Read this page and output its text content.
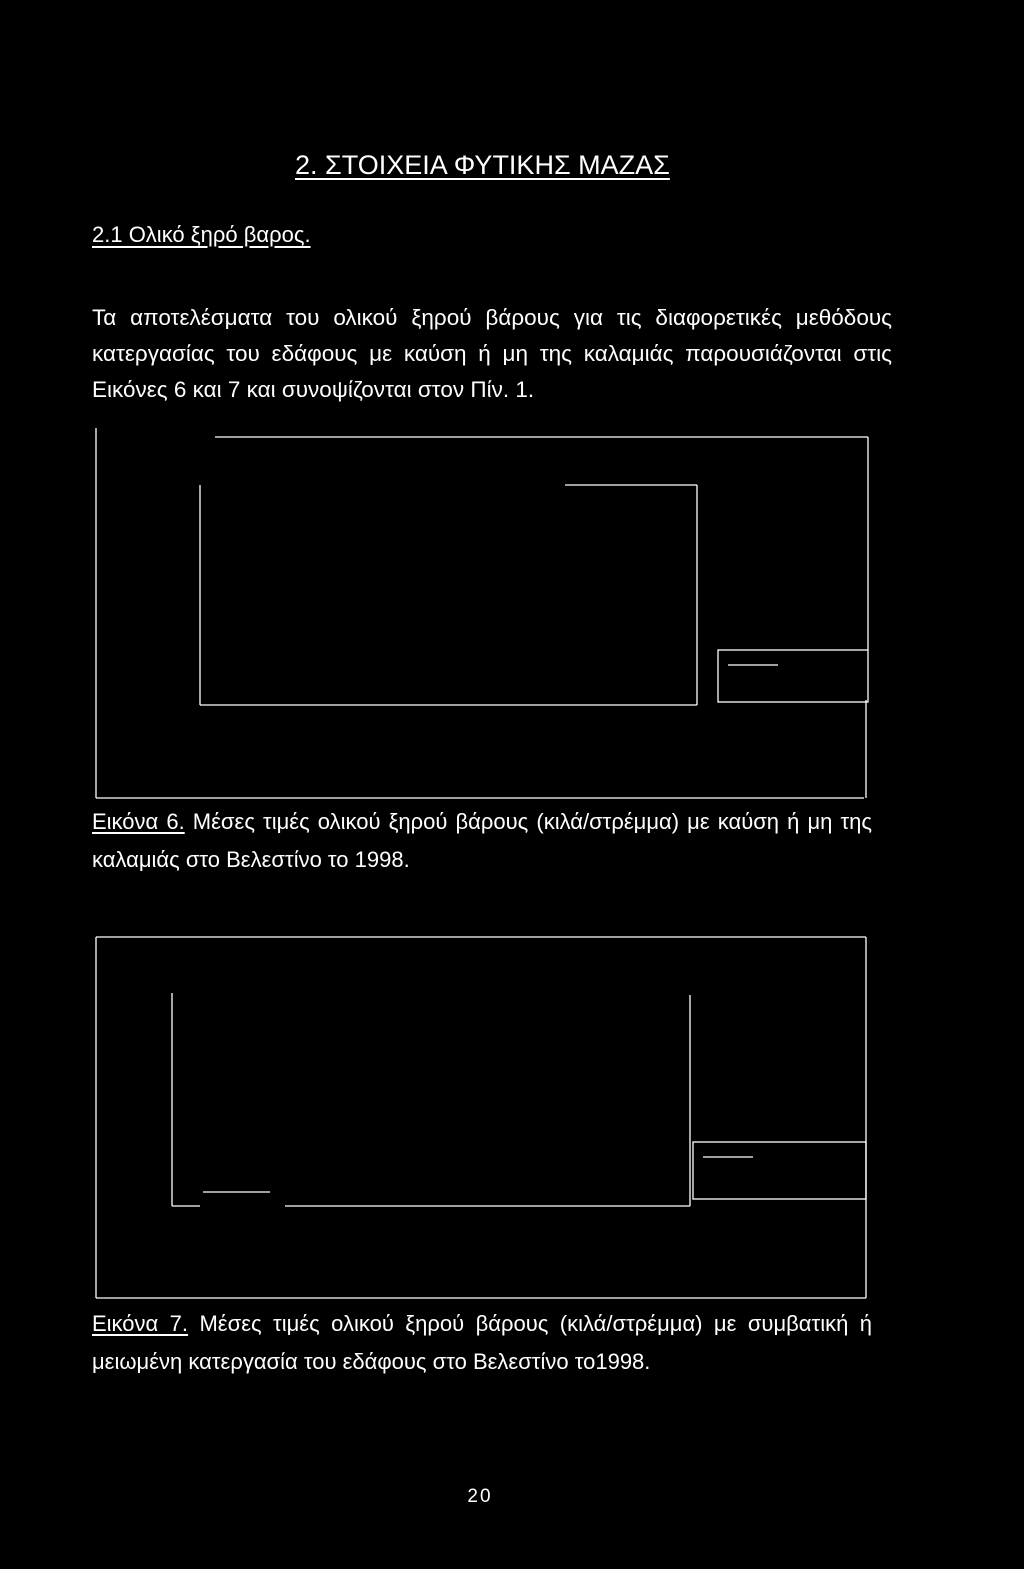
2. ΣΤΟΙΧΕΙΑ ΦΥΤΙΚΗΣ ΜΑΖΑΣ
2.1 Ολικό ξηρό βαρος.
Τα αποτελέσματα του ολικού ξηρού βάρους για τις διαφορετικές μεθόδους κατεργασίας του εδάφους με καύση ή μη της καλαμιάς παρουσιάζονται στις Εικόνες 6 και 7 και συνοψίζονται στον Πίν. 1.
Εικόνα 6. Μέσες τιμές ολικού ξηρού βάρους (κιλά/στρέμμα) με καύση ή μη της καλαμιάς στο Βελεστίνο το 1998.
Εικόνα 7. Μέσες τιμές ολικού ξηρού βάρους (κιλά/στρέμμα) με συμβατική ή μειωμένη κατεργασία του εδάφους στο Βελεστίνο το1998.
20
